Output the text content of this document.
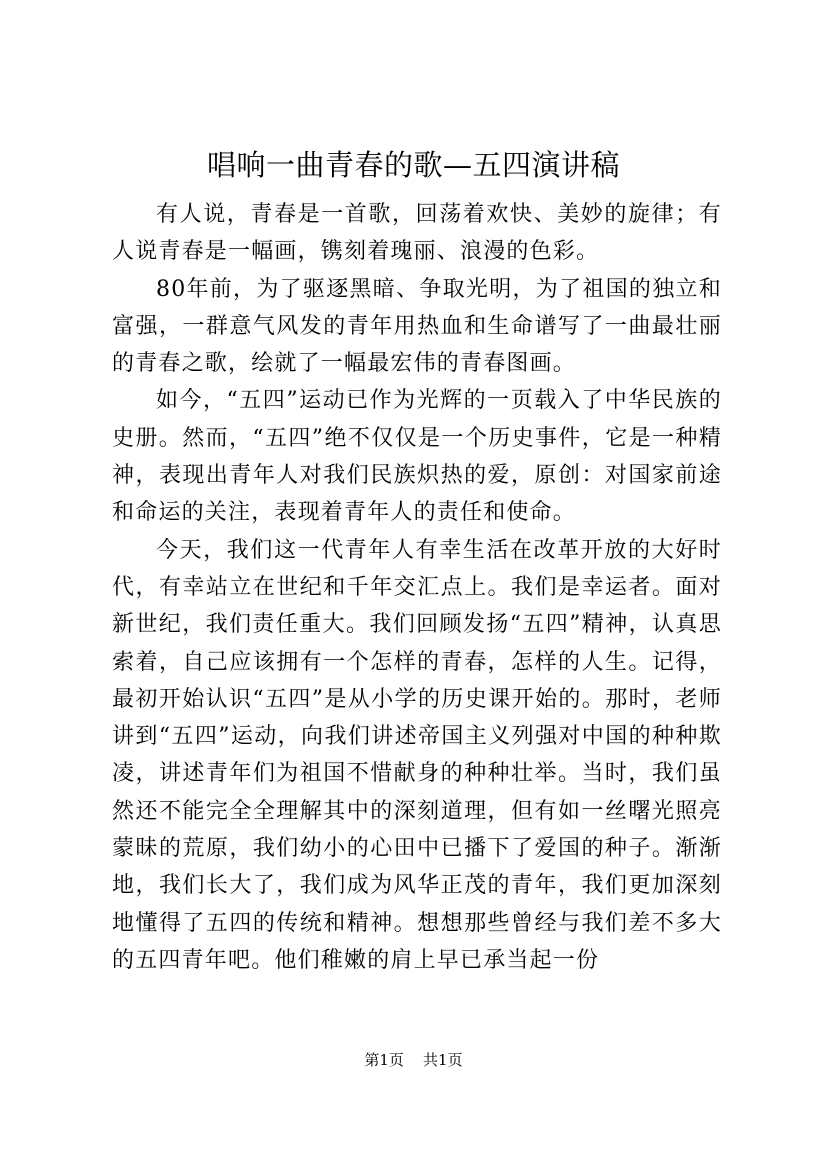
唱响一曲青春的歌—五四演讲稿

有人说，青春是一首歌，回荡着欢快、美妙的旋律；有人说青春是一幅画，镌刻着瑰丽、浪漫的色彩。

80年前，为了驱逐黑暗、争取光明，为了祖国的独立和富强，一群意气风发的青年用热血和生命谱写了一曲最壮丽的青春之歌，绘就了一幅最宏伟的青春图画。

如今，“五四”运动已作为光辉的一页载入了中华民族的史册。然而，“五四”绝不仅仅是一个历史事件，它是一种精神，表现出青年人对我们民族炽热的爱，原创：对国家前途和命运的关注，表现着青年人的责任和使命。

今天，我们这一代青年人有幸生活在改革开放的大好时代，有幸站立在世纪和千年交汇点上。我们是幸运者。面对新世纪，我们责任重大。我们回顾发扬“五四”精神，认真思索着，自己应该拥有一个怎样的青春，怎样的人生。记得，最初开始认识“五四”是从小学的历史课开始的。那时，老师讲到“五四”运动，向我们讲述帝国主义列强对中国的种种欺凌，讲述青年们为祖国不惜献身的种种壮举。当时，我们虽然还不能完全全理解其中的深刻道理，但有如一丝曙光照亮蒙昧的荒原，我们幼小的心田中已播下了爱国的种子。渐渐地，我们长大了，我们成为风华正茂的青年，我们更加深刻地懂得了五四的传统和精神。想想那些曾经与我们差不多大的五四青年吧。他们稚嫩的肩上早已承当起一份

第1页 共1页
